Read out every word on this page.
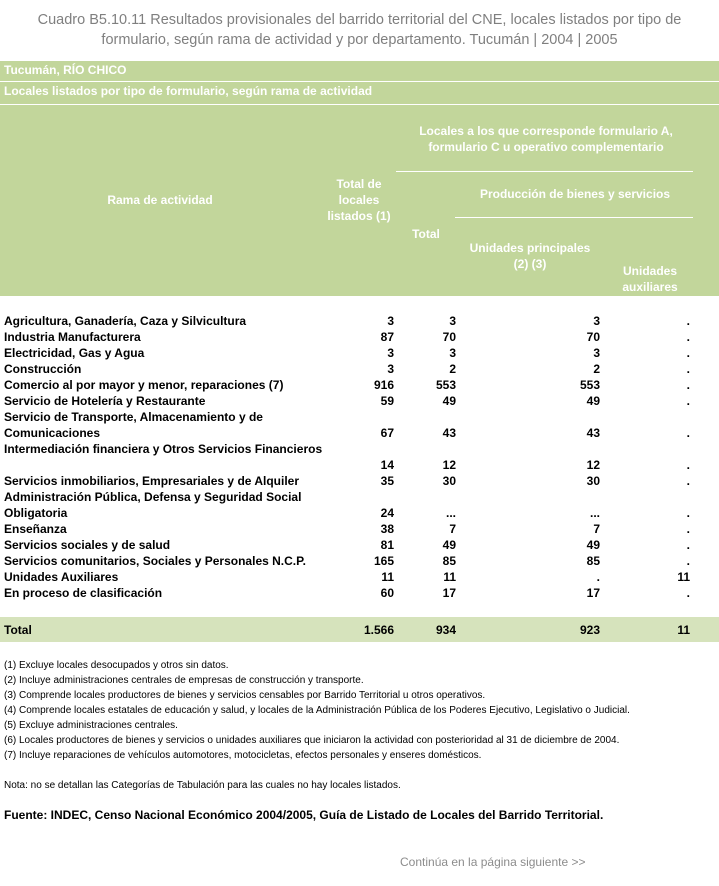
Cuadro B5.10.11 Resultados provisionales del barrido territorial del CNE, locales listados por tipo de
formulario, según rama de actividad y por departamento. Tucumán | 2004 | 2005
Tucumán, RÍO CHICO
Locales listados por tipo de formulario, según rama de actividad
Rama de actividad
Total de
locales
listados (1)
Locales a los que corresponde formulario A,
formulario C u operativo complementario
Total
Producción de bienes y servicios
Unidades principales
(2) (3)	Unidades
auxiliares
Agricultura, Ganadería, Caza y Silvicultura	3	3	3	.
Industria Manufacturera	87	70	70	.
Electricidad, Gas y Agua	3	3	3	.
Construcción	3	2	2	.
Comercio al por mayor y menor, reparaciones (7)	916	553	553	.
Servicio de Hotelería y Restaurante	59	49	49	.
Servicio de Transporte, Almacenamiento y de
Comunicaciones	67	43	43	.
Intermediación financiera y Otros Servicios Financieros
14	12	12	.
Servicios inmobiliarios, Empresariales y de Alquiler	35	30	30	.
Administración Pública, Defensa y Seguridad Social
Obligatoria	24	...	...	.
Enseñanza	38	7	7	.
Servicios sociales y de salud	81	49	49	.
Servicios comunitarios, Sociales y Personales N.C.P.	165	85	85	.
Unidades Auxiliares	11	11	.	11
En proceso de clasificación	60	17	17	.
Total	1.566	934	923	11
(1) Excluye locales desocupados y otros sin datos.
(2) Incluye administraciones centrales de empresas de construcción y transporte.
(3) Comprende locales productores de bienes y servicios censables por Barrido Territorial u otros operativos.
(4) Comprende locales estatales de educación y salud, y locales de la Administración Pública de los Poderes Ejecutivo, Legislativo o Judicial.
(5) Excluye administraciones centrales.
(6) Locales productores de bienes y servicios o unidades auxiliares que iniciaron la actividad con posterioridad al 31 de diciembre de 2004.
(7) Incluye reparaciones de vehículos automotores, motocicletas, efectos personales y enseres domésticos.
Nota: no se detallan las Categorías de Tabulación para las cuales no hay locales listados.
Fuente: INDEC, Censo Nacional Económico 2004/2005, Guía de Listado de Locales del Barrido Territorial.
Continúa en la página siguiente >>
